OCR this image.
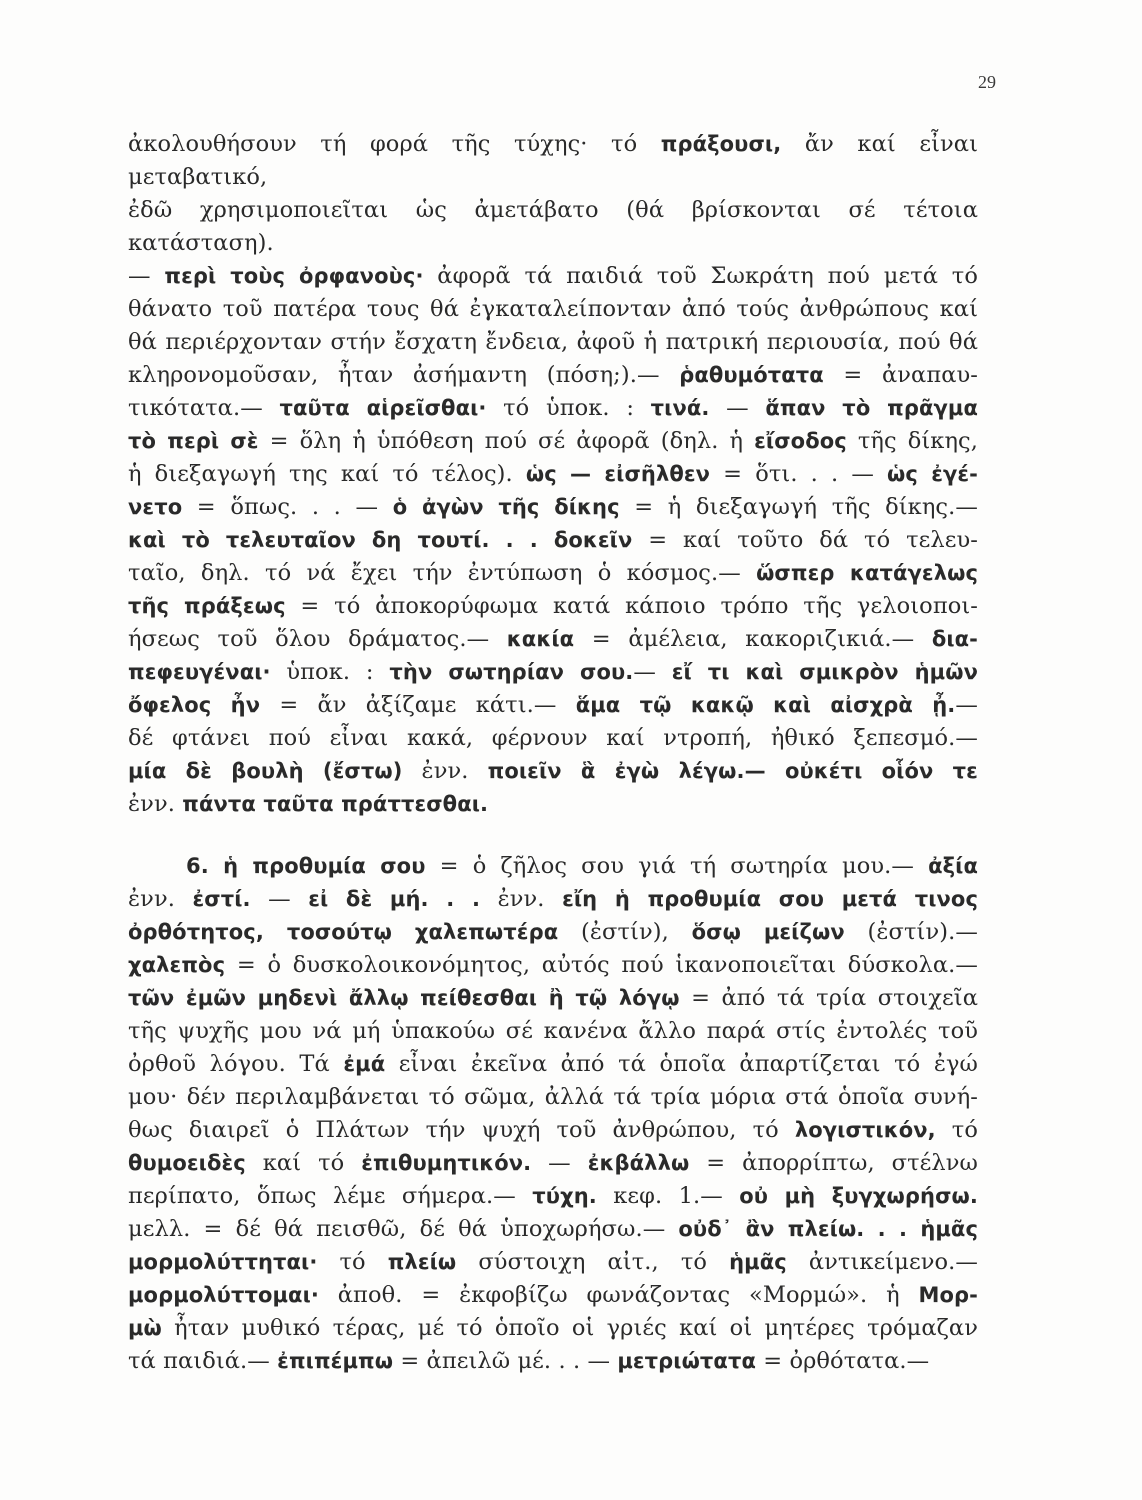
29
ἀκολουθήσουν τή φορά τῆς τύχης· τό πράξουσι, ἄν καί εἶναι μεταβατικό,
ἐδῶ χρησιμοποιεῖται ὡς ἀμετάβατο (θά βρίσκονται σέ τέτοια κατάσταση).
— περὶ τοὺς ὀρφανοὺς· ἀφορᾶ τά παιδιά τοῦ Σωκράτη πού μετά τό
θάνατο τοῦ πατέρα τους θά ἐγκαταλείπονταν ἀπό τούς ἀνθρώπους καί
θά περιέρχονταν στήν ἔσχατη ἔνδεια, ἀφοῦ ἡ πατρική περιουσία, πού θά
κληρονομοῦσαν, ἦταν ἀσήμαντη (πόση;).— ῥαθυμότατα = ἀναπαυ-
τικότατα.— ταῦτα αἱρεῖσθαι· τό ὑποκ. : τινά. — ἅπαν τὸ πρᾶγμα
τὸ περὶ σὲ = ὅλη ἡ ὑπόθεση πού σέ ἀφορᾶ (δηλ. ἡ εἴσοδος τῆς δίκης,
ἡ διεξαγωγή της καί τό τέλος). ὡς — εἰσῆλθεν = ὅτι. . . — ὡς ἐγέ-
νετο = ὅπως. . . — ὁ ἀγὼν τῆς δίκης = ἡ διεξαγωγή τῆς δίκης.—
καὶ τὸ τελευταῖον δη τουτί. . . δοκεῖν = καί τοῦτο δά τό τελευ-
ταῖο, δηλ. τό νά ἔχει τήν ἐντύπωση ὁ κόσμος.— ὥσπερ κατάγελως
τῆς πράξεως = τό ἀποκορύφωμα κατά κάποιο τρόπο τῆς γελοιοποι-
ήσεως τοῦ ὅλου δράματος.— κακία = ἀμέλεια, κακοριζικιά.— δια-
πεφευγέναι· ὑποκ. : τὴν σωτηρίαν σου.— εἴ τι καὶ σμικρὸν ἡμῶν
ὄφελος ἦν = ἄν ἀξίζαμε κάτι.— ἅμα τῷ κακῷ καὶ αἰσχρὰ ᾖ.—
δέ φτάνει πού εἶναι κακά, φέρνουν καί ντροπή, ἠθικό ξεπεσμό.—
μία δὲ βουλὴ (ἔστω) ἐνν. ποιεῖν ἃ ἐγὼ λέγω.— οὐκέτι οἷόν τε
ἐνν. πάντα ταῦτα πράττεσθαι.
6. ἡ προθυμία σου = ὁ ζῆλος σου γιά τή σωτηρία μου.— ἀξία
ἐνν. ἐστί. — εἰ δὲ μή. . . ἐνν. εἴη ἡ προθυμία σου μετά τινος
ὀρθότητος, τοσούτῳ χαλεπωτέρα (ἐστίν), ὅσῳ μείζων (ἐστίν).—
χαλεπὸς = ὁ δυσκολοικονόμητος, αὐτός πού ἱκανοποιεῖται δύσκολα.—
τῶν ἐμῶν μηδενὶ ἄλλῳ πείθεσθαι ἢ τῷ λόγῳ = ἀπό τά τρία στοιχεῖα
τῆς ψυχῆς μου νά μή ὑπακούω σέ κανένα ἄλλο παρά στίς ἐντολές τοῦ
ὀρθοῦ λόγου. Τά ἐμά εἶναι ἐκεῖνα ἀπό τά ὁποῖα ἀπαρτίζεται τό ἐγώ
μου· δέν περιλαμβάνεται τό σῶμα, ἀλλά τά τρία μόρια στά ὁποῖα συνή-
θως διαιρεῖ ὁ Πλάτων τήν ψυχή τοῦ ἀνθρώπου, τό λογιστικόν, τό
θυμοειδὲς καί τό ἐπιθυμητικόν. — ἐκβάλλω = ἀπορρίπτω, στέλνω
περίπατο, ὅπως λέμε σήμερα.— τύχη. κεφ. 1.— οὐ μὴ ξυγχωρήσω.
μελλ. = δέ θά πεισθῶ, δέ θά ὑποχωρήσω.— οὐδ᾽ ἂν πλείω. . . ἡμᾶς
μορμολύττηται· τό πλείω σύστοιχη αἰτ., τό ἡμᾶς ἀντικείμενο.—
μορμολύττομαι· ἀποθ. = ἐκφοβίζω φωνάζοντας «Μορμώ». ἡ Μορ-
μὼ ἦταν μυθικό τέρας, μέ τό ὁποῖο οἱ γριές καί οἱ μητέρες τρόμαζαν
τά παιδιά.— ἐπιπέμπω = ἀπειλῶ μέ. . . — μετριώτατα = ὀρθότατα.—
